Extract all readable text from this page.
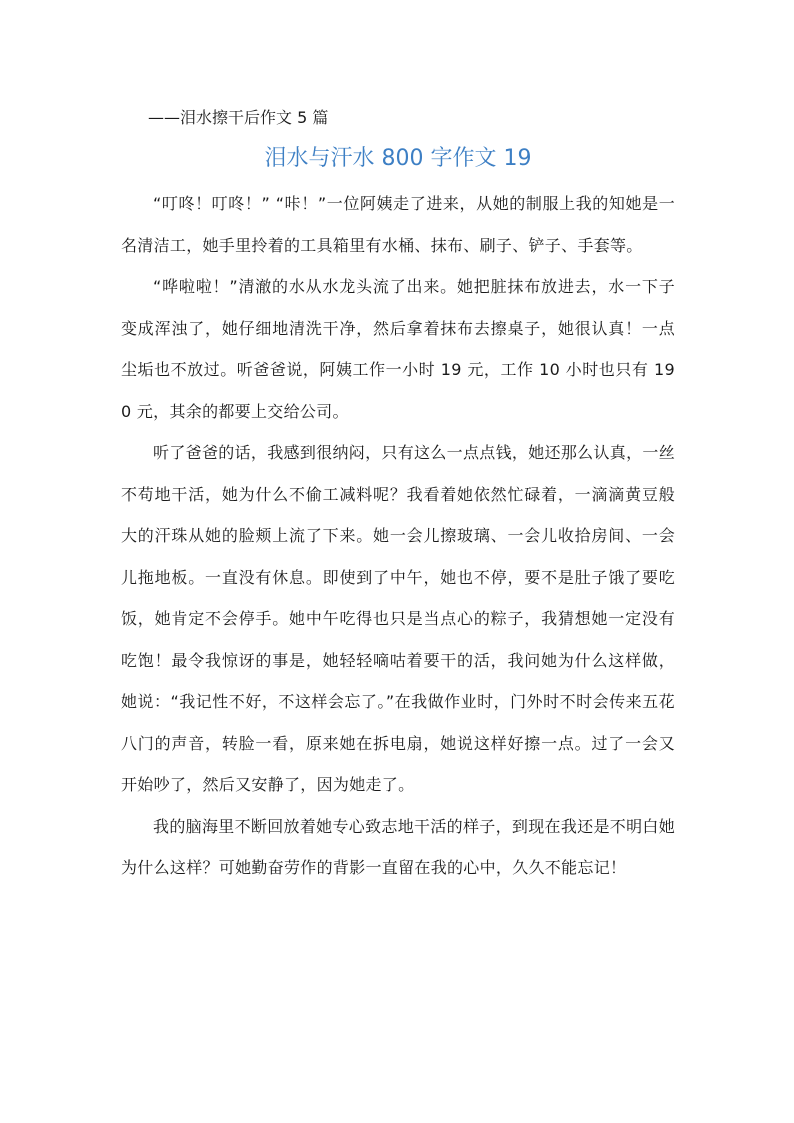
——泪水擦干后作文 5 篇

泪水与汗水 800 字作文 19

“叮咚！叮咚！” “咔！”一位阿姨走了进来，从她的制服上我的知她是一名清洁工，她手里拎着的工具箱里有水桶、抹布、刷子、铲子、手套等。

“哗啦啦！”清澈的水从水龙头流了出来。她把脏抹布放进去，水一下子变成浑浊了，她仔细地清洗干净，然后拿着抹布去擦桌子，她很认真！一点尘垢也不放过。听爸爸说，阿姨工作一小时 19 元，工作 10 小时也只有 190 元，其余的都要上交给公司。

听了爸爸的话，我感到很纳闷，只有这么一点点钱，她还那么认真，一丝不苟地干活，她为什么不偷工减料呢？我看着她依然忙碌着，一滴滴黄豆般大的汗珠从她的脸颊上流了下来。她一会儿擦玻璃、一会儿收拾房间、一会儿拖地板。一直没有休息。即使到了中午，她也不停，要不是肚子饿了要吃饭，她肯定不会停手。她中午吃得也只是当点心的粽子，我猜想她一定没有吃饱！最令我惊讶的事是，她轻轻嘀咕着要干的活，我问她为什么这样做，她说：“我记性不好，不这样会忘了。”在我做作业时，门外时不时会传来五花八门的声音，转脸一看，原来她在拆电扇，她说这样好擦一点。过了一会又开始吵了，然后又安静了，因为她走了。

我的脑海里不断回放着她专心致志地干活的样子，到现在我还是不明白她为什么这样？可她勤奋劳作的背影一直留在我的心中，久久不能忘记！
